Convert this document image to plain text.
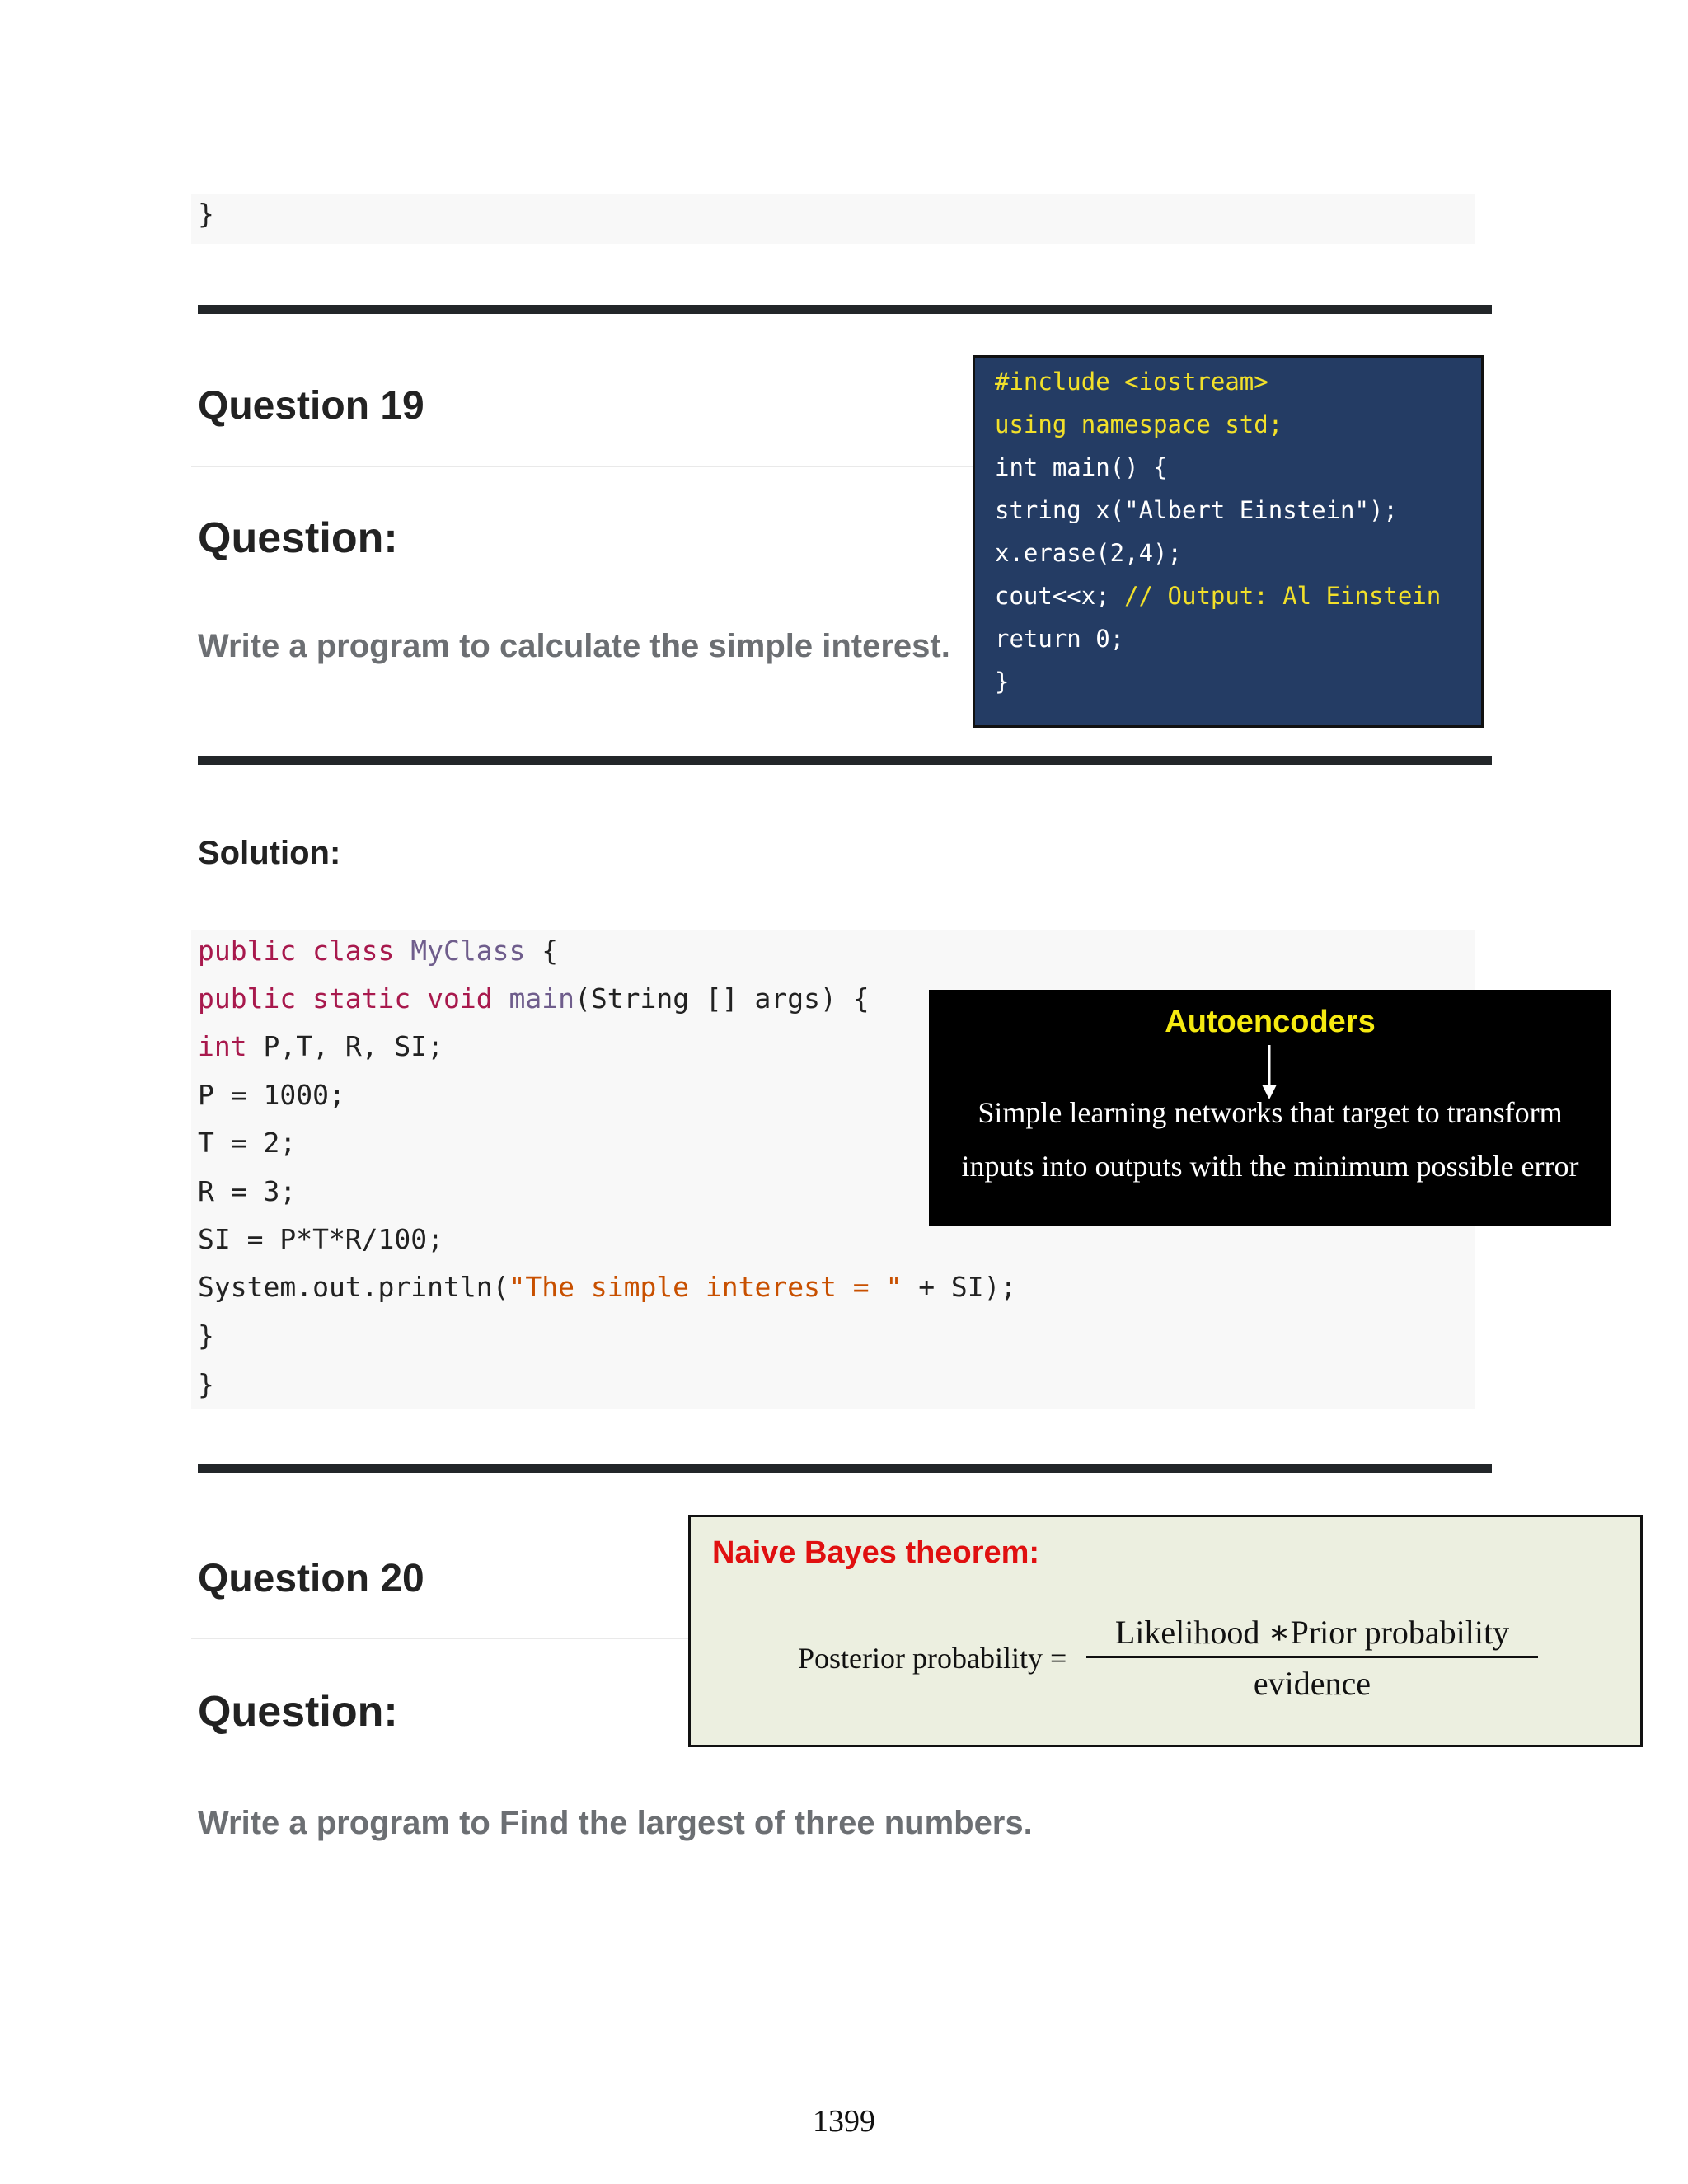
}
Question 19
Question:
Write a program to calculate the simple interest.
#include <iostream>
using namespace std;
int main() {
string x("Albert Einstein");
x.erase(2,4);
cout<<x; // Output: Al Einstein
return 0;
}
Solution:
public class MyClass {
public static void main(String [] args) {
int P,T, R, SI;
P = 1000;
T = 2;
R = 3;
SI = P*T*R/100;
System.out.println("The simple interest = " + SI);
}
}
Autoencoders
Simple learning networks that target to transform
inputs into outputs with the minimum possible error
Question 20
Question:
Write a program to Find the largest of three numbers.
Naive Bayes theorem:
Posterior probability =
Likelihood ∗Prior probability
evidence
1399
